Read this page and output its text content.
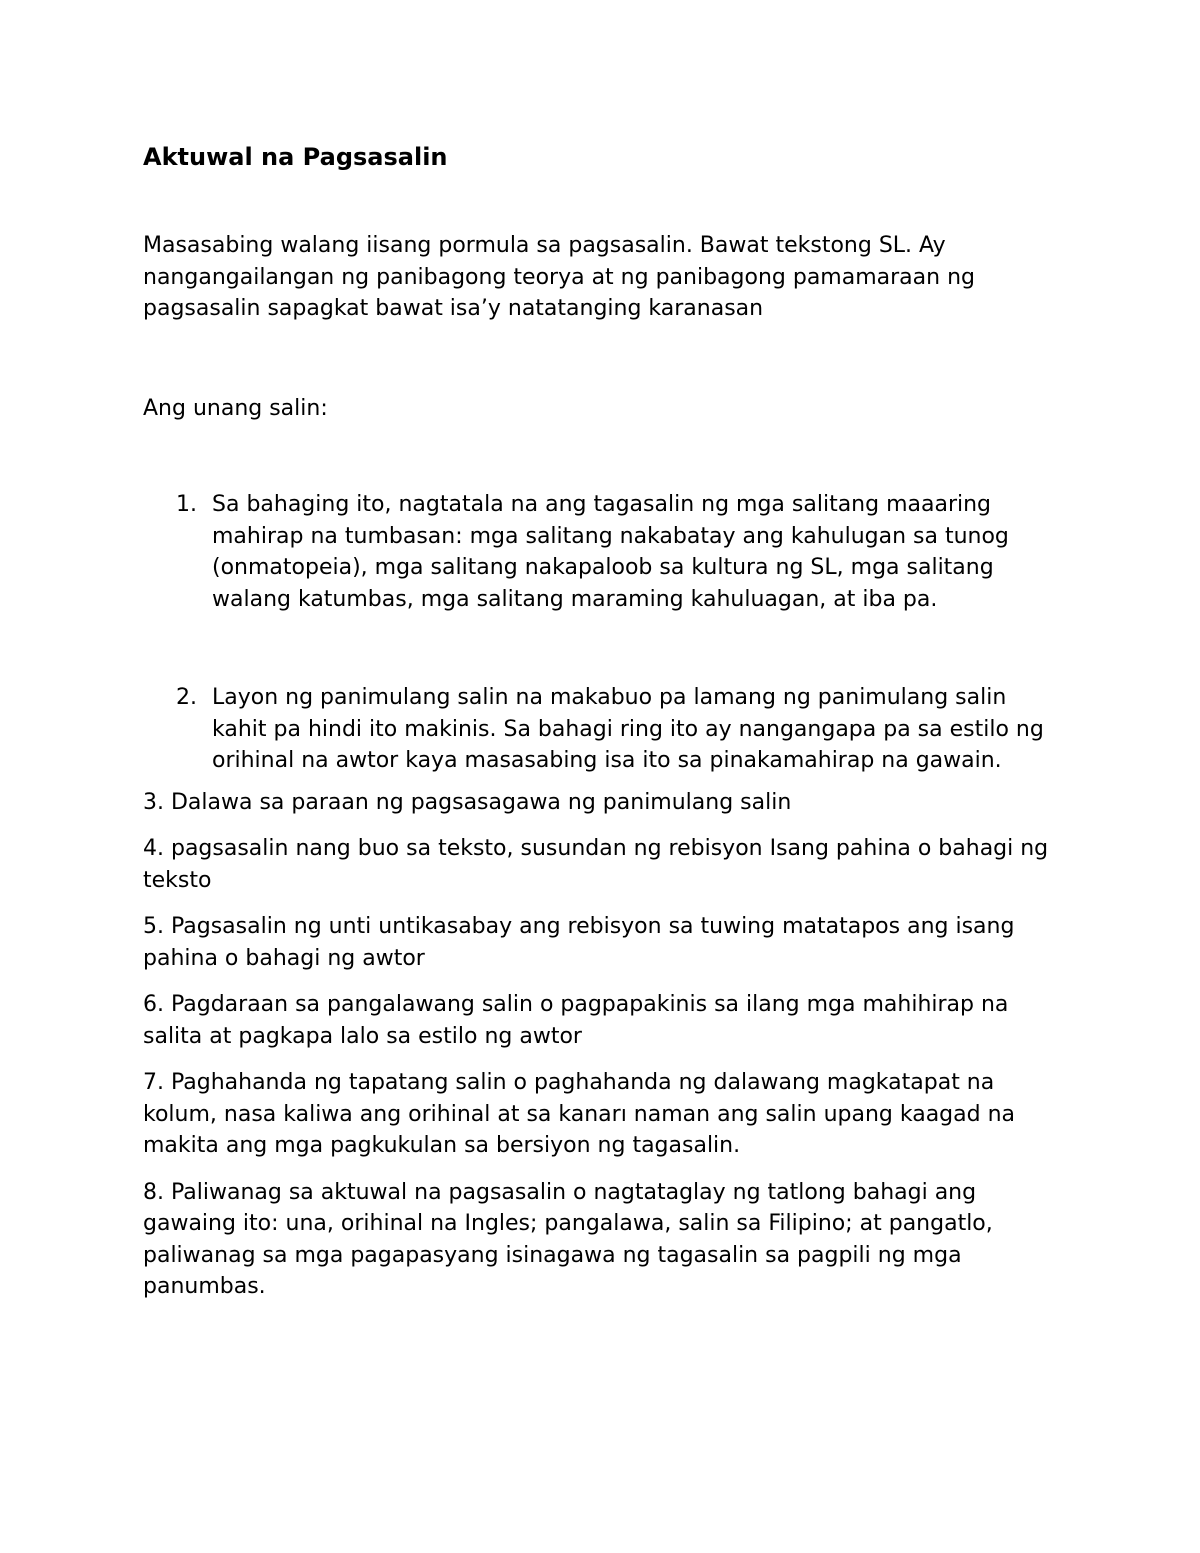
Aktuwal na Pagsasalin

Masasabing walang iisang pormula sa pagsasalin. Bawat tekstong SL. Ay nangangailangan ng panibagong teorya at ng panibagong pamamaraan ng pagsasalin sapagkat bawat isa’y natatanging karanasan

Ang unang salin:

1. Sa bahaging ito, nagtatala na ang tagasalin ng mga salitang maaaring mahirap na tumbasan: mga salitang nakabatay ang kahulugan sa tunog (onmatopeia), mga salitang nakapaloob sa kultura ng SL, mga salitang walang katumbas, mga salitang maraming kahuluagan, at iba pa.
2. Layon ng panimulang salin na makabuo pa lamang ng panimulang salin kahit pa hindi ito makinis. Sa bahagi ring ito ay nangangapa pa sa estilo ng orihinal na awtor kaya masasabing isa ito sa pinakamahirap na gawain.

3. Dalawa sa paraan ng pagsasagawa ng panimulang salin

4. pagsasalin nang buo sa teksto, susundan ng rebisyon Isang pahina o bahagi ng teksto

5. Pagsasalin ng unti untikasabay ang rebisyon sa tuwing matatapos ang isang pahina o bahagi ng awtor

6. Pagdaraan sa pangalawang salin o pagpapakinis sa ilang mga mahihirap na salita at pagkapa lalo sa estilo ng awtor

7. Paghahanda ng tapatang salin o paghahanda ng dalawang magkatapat na kolum, nasa kaliwa ang orihinal at sa kanarı naman ang salin upang kaagad na makita ang mga pagkukulan sa bersiyon ng tagasalin.

8. Paliwanag sa aktuwal na pagsasalin o nagtataglay ng tatlong bahagi ang gawaing ito: una, orihinal na Ingles; pangalawa, salin sa Filipino; at pangatlo, paliwanag sa mga pagapasyang isinagawa ng tagasalin sa pagpili ng mga panumbas.
